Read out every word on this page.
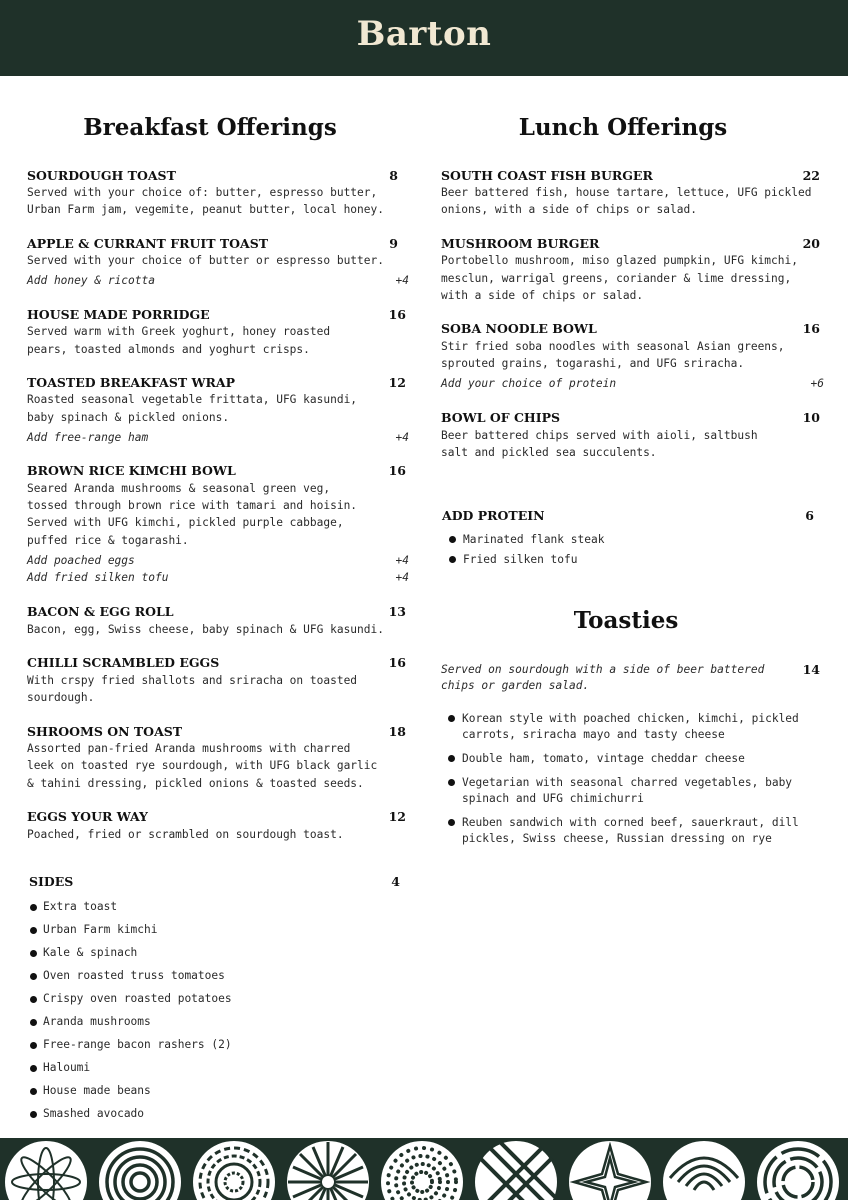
Barton
Breakfast Offerings
SOURDOUGH TOAST	8
Served with your choice of: butter, espresso butter,
Urban Farm jam, vegemite, peanut butter, local honey.
APPLE & CURRANT FRUIT TOAST	9
Served with your choice of butter or espresso butter.
Add honey & ricotta	+4
HOUSE MADE PORRIDGE	16
Served warm with Greek yoghurt, honey roasted
pears, toasted almonds and yoghurt crisps.
TOASTED BREAKFAST WRAP	12
Roasted seasonal vegetable frittata, UFG kasundi,
baby spinach & pickled onions.
Add free-range ham	+4
BROWN RICE KIMCHI BOWL	16
Seared Aranda mushrooms & seasonal green veg,
tossed through brown rice with tamari and hoisin.
Served with UFG kimchi, pickled purple cabbage,
puffed rice & togarashi.
Add poached eggs	+4
Add fried silken tofu	+4
BACON & EGG ROLL	13
Bacon, egg, Swiss cheese, baby spinach & UFG kasundi.
CHILLI SCRAMBLED EGGS	16
With crspy fried shallots and sriracha on toasted
sourdough.
SHROOMS ON TOAST	18
Assorted pan-fried Aranda mushrooms with charred
leek on toasted rye sourdough, with UFG black garlic
& tahini dressing, pickled onions & toasted seeds.
EGGS YOUR WAY	12
Poached, fried or scrambled on sourdough toast.
SIDES	4
Extra toast
Urban Farm kimchi
Kale & spinach
Oven roasted truss tomatoes
Crispy oven roasted potatoes
Aranda mushrooms
Free-range bacon rashers (2)
Haloumi
House made beans
Smashed avocado
Lunch Offerings
SOUTH COAST FISH BURGER	22
Beer battered fish, house tartare, lettuce, UFG pickled
onions, with a side of chips or salad.
MUSHROOM BURGER	20
Portobello mushroom, miso glazed pumpkin, UFG kimchi,
mesclun, warrigal greens, coriander & lime dressing,
with a side of chips or salad.
SOBA NOODLE BOWL	16
Stir fried soba noodles with seasonal Asian greens,
sprouted grains, togarashi, and UFG sriracha.
Add your choice of protein	+6
BOWL OF CHIPS	10
Beer battered chips served with aioli, saltbush
salt and pickled sea succulents.
ADD PROTEIN	6
Marinated flank steak
Fried silken tofu
Toasties
Served on sourdough with a side of beer battered
chips or garden salad.
14
Korean style with poached chicken, kimchi, pickled
carrots, sriracha mayo and tasty cheese
Double ham, tomato, vintage cheddar cheese
Vegetarian with seasonal charred vegetables, baby
spinach and UFG chimichurri
Reuben sandwich with corned beef, sauerkraut, dill
pickles, Swiss cheese, Russian dressing on rye
